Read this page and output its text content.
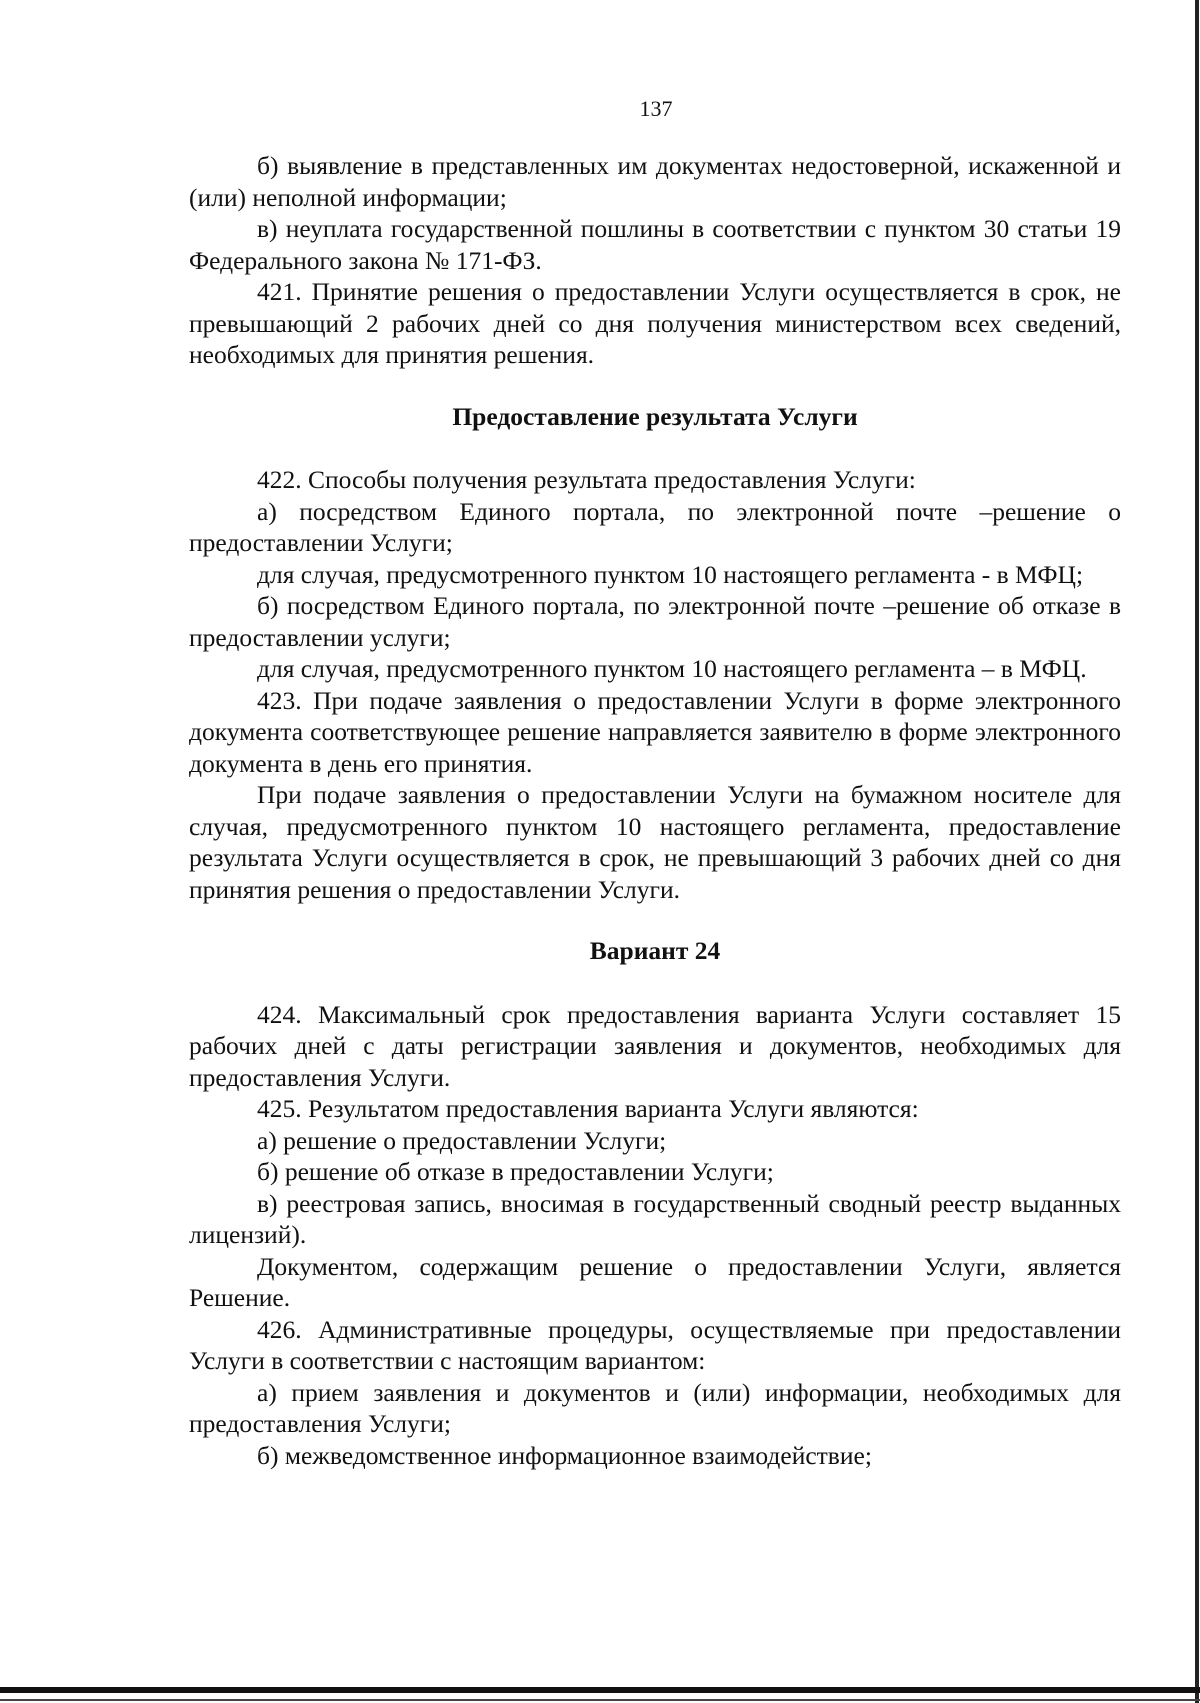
137

б) выявление в представленных им документах недостоверной, искаженной и (или) неполной информации;

в) неуплата государственной пошлины в соответствии с пунктом 30 статьи 19 Федерального закона № 171-ФЗ.

421. Принятие решения о предоставлении Услуги осуществляется в срок, не превышающий 2 рабочих дней со дня получения министерством всех сведений, необходимых для принятия решения.

Предоставление результата Услуги

422. Способы получения результата предоставления Услуги:

а) посредством Единого портала, по электронной почте –решение о предоставлении Услуги;

для случая, предусмотренного пунктом 10 настоящего регламента - в МФЦ;

б) посредством Единого портала, по электронной почте –решение об отказе в предоставлении услуги;

для случая, предусмотренного пунктом 10 настоящего регламента – в МФЦ.

423. При подаче заявления о предоставлении Услуги в форме электронного документа соответствующее решение направляется заявителю в форме электронного документа в день его принятия.

При подаче заявления о предоставлении Услуги на бумажном носителе для случая, предусмотренного пунктом 10 настоящего регламента, предоставление результата Услуги осуществляется в срок, не превышающий 3 рабочих дней со дня принятия решения о предоставлении Услуги.

Вариант 24

424. Максимальный срок предоставления варианта Услуги составляет 15 рабочих дней с даты регистрации заявления и документов, необходимых для предоставления Услуги.

425. Результатом предоставления варианта Услуги являются:

а) решение о предоставлении Услуги;

б) решение об отказе в предоставлении Услуги;

в) реестровая запись, вносимая в государственный сводный реестр выданных лицензий).

Документом, содержащим решение о предоставлении Услуги, является Решение.

426. Административные процедуры, осуществляемые при предоставлении Услуги в соответствии с настоящим вариантом:

а) прием заявления и документов и (или) информации, необходимых для предоставления Услуги;

б) межведомственное информационное взаимодействие;
